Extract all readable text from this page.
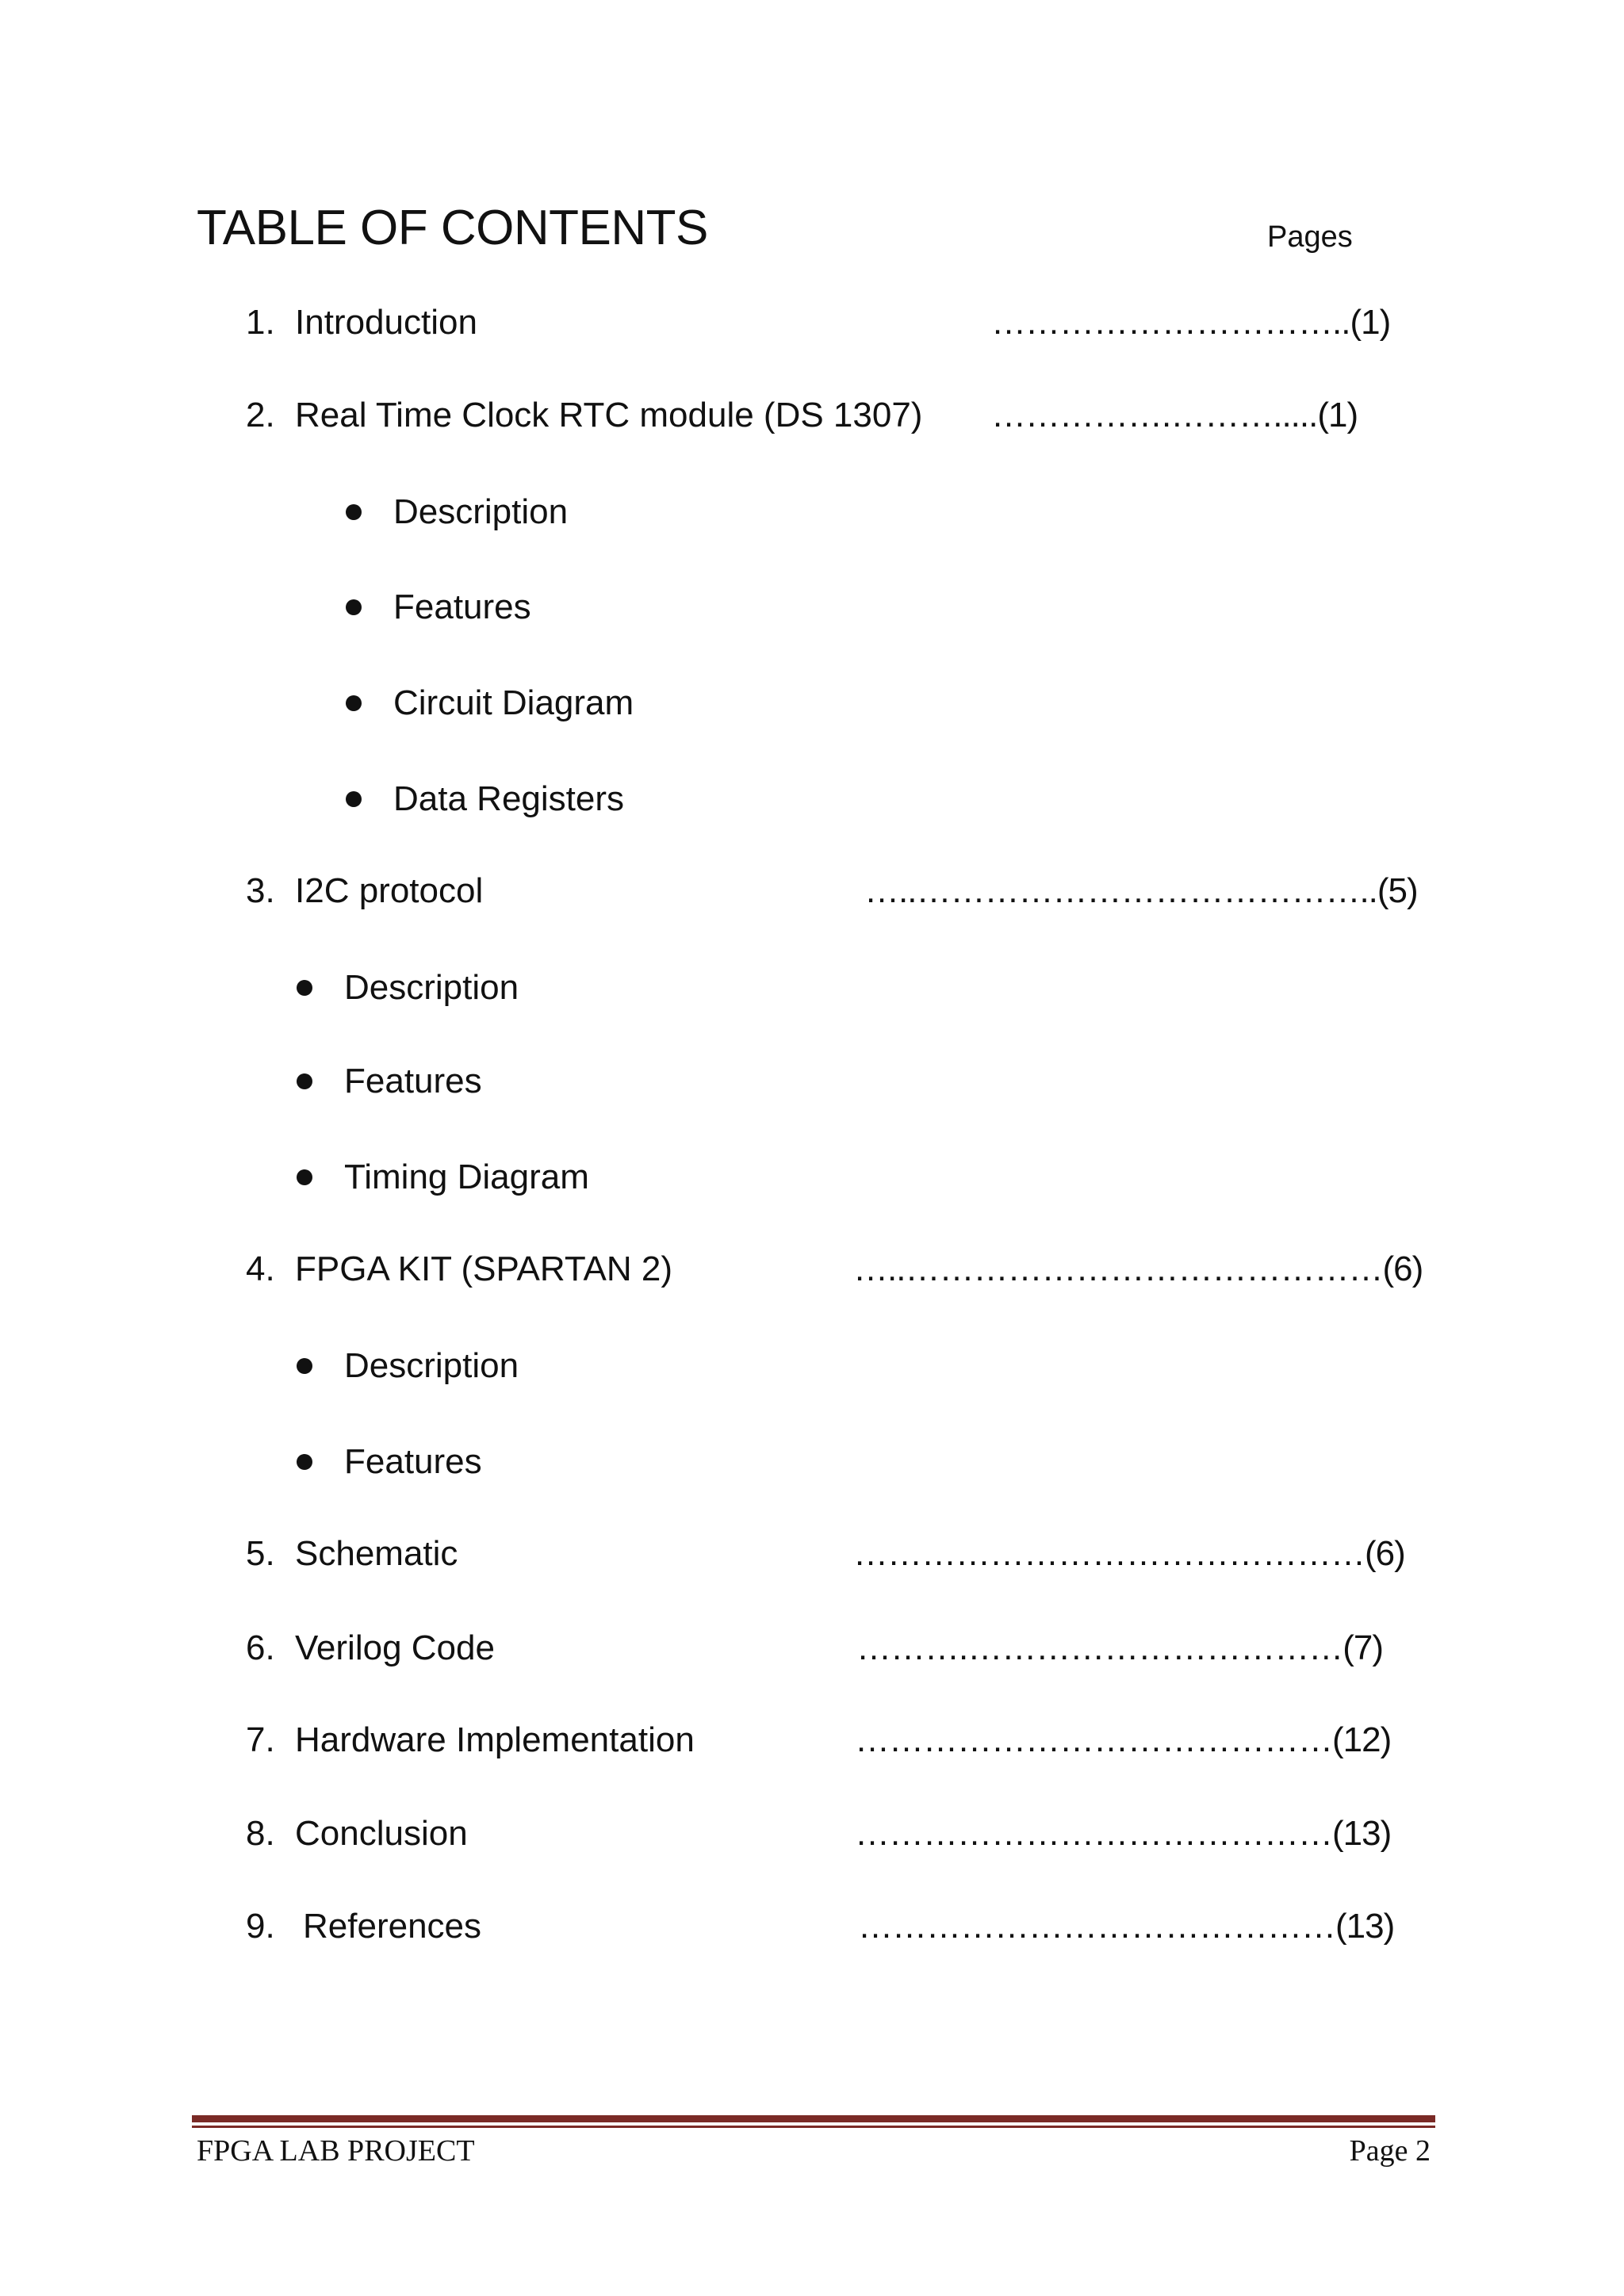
TABLE OF CONTENTS	Pages
1. Introduction	…………………………..(1)
2. Real Time Clock RTC module (DS 1307) …………….……….....(1)
Description
Features
Circuit Diagram
Data Registers
3. I2C protocol	…..…………………………………..(5)
Description
Features
Timing Diagram
4. FPGA KIT (SPARTAN 2)	…..……………………………………(6)
Description
Features
5. Schematic	………………………………………(6)
6. Verilog Code	……….……………………………(7)
7. Hardware Implementation	……………………………………(12)
8. Conclusion	……………………………………(13)
9. References	……………………………………(13)
FPGA LAB PROJECT	Page 2
